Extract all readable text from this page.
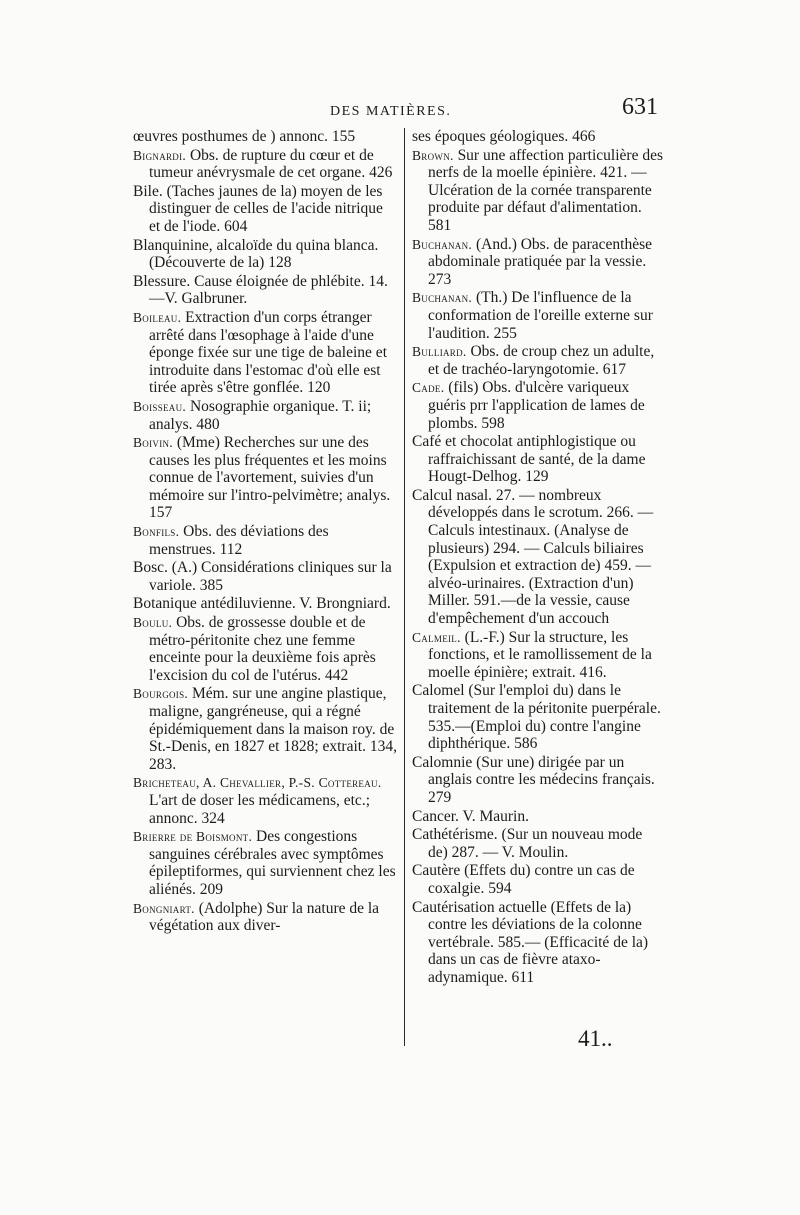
DES MATIÈRES.	631
œuvres posthumes de ) annonc. 155
Bignardi. Obs. de rupture du cœur et de tumeur anévrysmale de cet organe. 426
Bile. (Taches jaunes de la) moyen de les distinguer de celles de l'acide nitrique et de l'iode. 604
Blanquinine, alcaloïde du quina blanca. (Découverte de la) 128
Blessure. Cause éloignée de phlébite. 14.—V. Galbruner.
Boileau. Extraction d'un corps étranger arrêté dans l'œsophage à l'aide d'une éponge fixée sur une tige de baleine et introduite dans l'estomac d'où elle est tirée après s'être gonflée. 120
Boisseau. Nosographie organique. T. ii; analys. 480
Boivin. (Mme) Recherches sur une des causes les plus fréquentes et les moins connue de l'avortement, suivies d'un mémoire sur l'intro-pelvimètre; analys. 157
Bonfils. Obs. des déviations des menstrues. 112
Bosc. (A.) Considérations cliniques sur la variole. 385
Botanique antédiluvienne. V. Brongniard.
Boulu. Obs. de grossesse double et de métro-péritonite chez une femme enceinte pour la deuxième fois après l'excision du col de l'utérus. 442
Bourgois. Mém. sur une angine plastique, maligne, gangréneuse, qui a régné épidémiquement dans la maison roy. de St.-Denis, en 1827 et 1828; extrait. 134, 283.
Bricheteau, A. Chevallier, P.-S. Cottereau. L'art de doser les médicamens, etc.; annonc. 324
Brierre de Boismont. Des congestions sanguines cérébrales avec symptômes épileptiformes, qui surviennent chez les aliénés. 209
Bongniart. (Adolphe) Sur la nature de la végétation aux diver-
ses époques géologiques. 466
Brown. Sur une affection particulière des nerfs de la moelle épinière. 421. — Ulcération de la cornée transparente produite par défaut d'alimentation. 581
Buchanan. (And.) Obs. de paracenthèse abdominale pratiquée par la vessie. 273
Buchanan. (Th.) De l'influence de la conformation de l'oreille externe sur l'audition. 255
Bulliard. Obs. de croup chez un adulte, et de trachéo-laryngotomie. 617
Cade. (fils) Obs. d'ulcère variqueux guéris prr l'application de lames de plombs. 598
Café et chocolat antiphlogistique ou raffraichissant de santé, de la dame Hougt-Delhog. 129
Calcul nasal. 27. — nombreux développés dans le scrotum. 266. — Calculs intestinaux. (Analyse de plusieurs) 294. — Calculs biliaires (Expulsion et extraction de) 459. — alvéo-urinaires. (Extraction d'un) Miller. 591.—de la vessie, cause d'empêchement d'un accouch
Calmeil. (L.-F.) Sur la structure, les fonctions, et le ramollissement de la moelle épinière; extrait. 416.
Calomel (Sur l'emploi du) dans le traitement de la péritonite puerpérale. 535.—(Emploi du) contre l'angine diphthérique. 586
Calomnie (Sur une) dirigée par un anglais contre les médecins français. 279
Cancer. V. Maurin.
Cathétérisme. (Sur un nouveau mode de) 287. — V. Moulin.
Cautère (Effets du) contre un cas de coxalgie. 594
Cautérisation actuelle (Effets de la) contre les déviations de la colonne vertébrale. 585.— (Efficacité de la) dans un cas de fièvre ataxo-adynamique. 611
41..
